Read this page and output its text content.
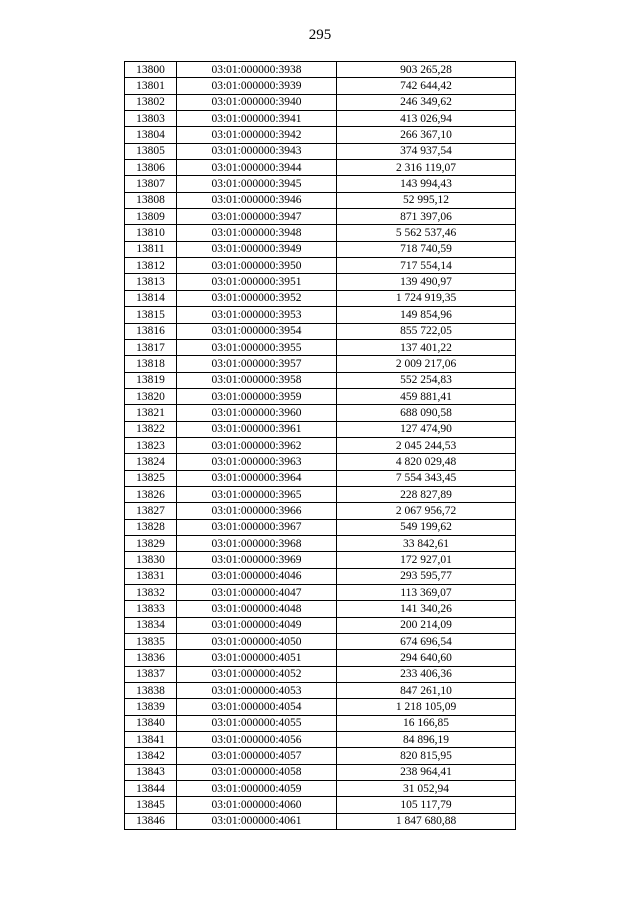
295
13800	03:01:000000:3938	903 265,28
13801	03:01:000000:3939	742 644,42
13802	03:01:000000:3940	246 349,62
13803	03:01:000000:3941	413 026,94
13804	03:01:000000:3942	266 367,10
13805	03:01:000000:3943	374 937,54
13806	03:01:000000:3944	2 316 119,07
13807	03:01:000000:3945	143 994,43
13808	03:01:000000:3946	52 995,12
13809	03:01:000000:3947	871 397,06
13810	03:01:000000:3948	5 562 537,46
13811	03:01:000000:3949	718 740,59
13812	03:01:000000:3950	717 554,14
13813	03:01:000000:3951	139 490,97
13814	03:01:000000:3952	1 724 919,35
13815	03:01:000000:3953	149 854,96
13816	03:01:000000:3954	855 722,05
13817	03:01:000000:3955	137 401,22
13818	03:01:000000:3957	2 009 217,06
13819	03:01:000000:3958	552 254,83
13820	03:01:000000:3959	459 881,41
13821	03:01:000000:3960	688 090,58
13822	03:01:000000:3961	127 474,90
13823	03:01:000000:3962	2 045 244,53
13824	03:01:000000:3963	4 820 029,48
13825	03:01:000000:3964	7 554 343,45
13826	03:01:000000:3965	228 827,89
13827	03:01:000000:3966	2 067 956,72
13828	03:01:000000:3967	549 199,62
13829	03:01:000000:3968	33 842,61
13830	03:01:000000:3969	172 927,01
13831	03:01:000000:4046	293 595,77
13832	03:01:000000:4047	113 369,07
13833	03:01:000000:4048	141 340,26
13834	03:01:000000:4049	200 214,09
13835	03:01:000000:4050	674 696,54
13836	03:01:000000:4051	294 640,60
13837	03:01:000000:4052	233 406,36
13838	03:01:000000:4053	847 261,10
13839	03:01:000000:4054	1 218 105,09
13840	03:01:000000:4055	16 166,85
13841	03:01:000000:4056	84 896,19
13842	03:01:000000:4057	820 815,95
13843	03:01:000000:4058	238 964,41
13844	03:01:000000:4059	31 052,94
13845	03:01:000000:4060	105 117,79
13846	03:01:000000:4061	1 847 680,88
